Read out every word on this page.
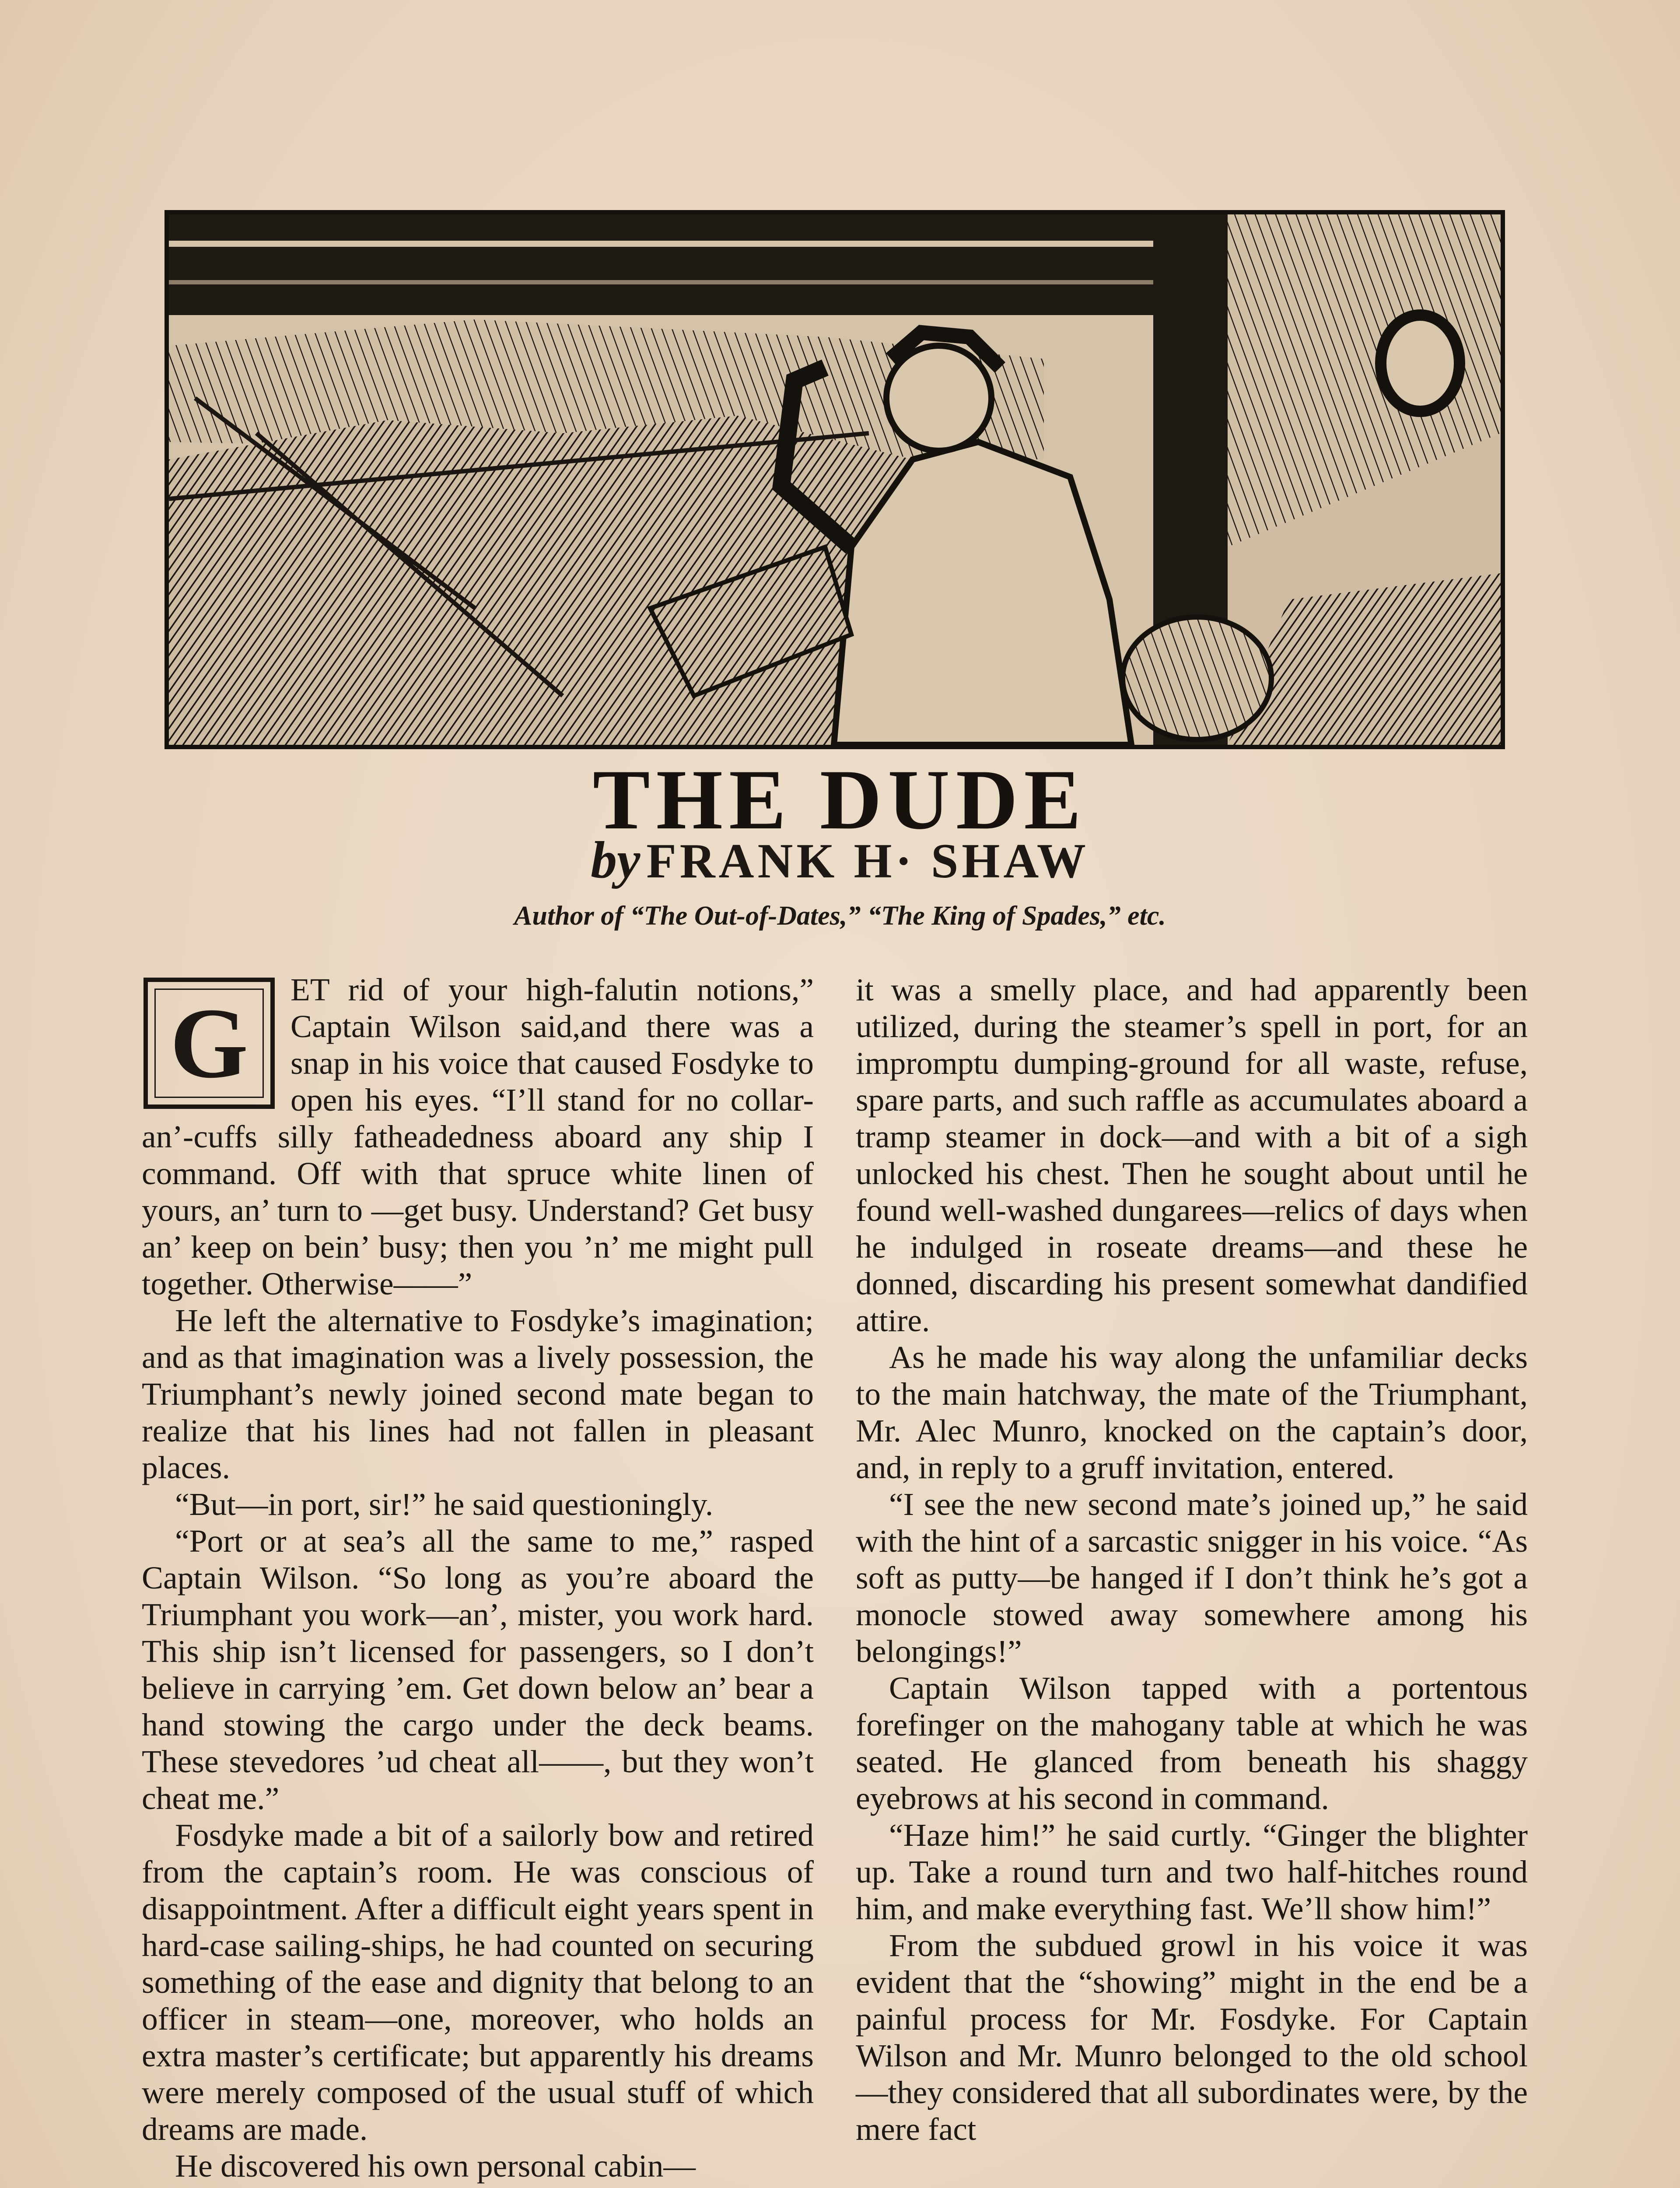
THE DUDE
by FRANK H· SHAW
Author of “The Out-of-Dates,” “The King of Spades,” etc.
G	ET rid of your high-falutin notions,” Captain Wilson said,and there was a snap in his voice that caused Fosdyke to open his eyes. “I’ll stand for no collar-an’-cuffs silly fatheadedness aboard any ship I command. Off with that spruce white linen of yours, an’ turn to —get busy. Understand? Get busy an’ keep on bein’ busy; then you ’n’ me might pull together. Otherwise——”

He left the alternative to Fosdyke’s imagination; and as that imagination was a lively possession, the Triumphant’s newly joined second mate began to realize that his lines had not fallen in pleasant places.

“But—in port, sir!” he said questioningly.

“Port or at sea’s all the same to me,” rasped Captain Wilson. “So long as you’re aboard the Triumphant you work—an’, mister, you work hard. This ship isn’t licensed for passengers, so I don’t believe in carrying ’em. Get down below an’ bear a hand stowing the cargo under the deck beams. These stevedores ’ud cheat all——, but they won’t cheat me.”

Fosdyke made a bit of a sailorly bow and retired from the captain’s room. He was conscious of disappointment. After a difficult eight years spent in hard-case sailing-ships, he had counted on securing something of the ease and dignity that belong to an officer in steam—one, moreover, who holds an extra master’s certificate; but apparently his dreams were merely composed of the usual stuff of which dreams are made.

He discovered his own personal cabin—

it was a smelly place, and had apparently been utilized, during the steamer’s spell in port, for an impromptu dumping-ground for all waste, refuse, spare parts, and such raffle as accumulates aboard a tramp steamer in dock—and with a bit of a sigh unlocked his chest. Then he sought about until he found well-washed dungarees—relics of days when he indulged in roseate dreams—and these he donned, discarding his present somewhat dandified attire.

As he made his way along the unfamiliar decks to the main hatchway, the mate of the Triumphant, Mr. Alec Munro, knocked on the captain’s door, and, in reply to a gruff invitation, entered.

“I see the new second mate’s joined up,” he said with the hint of a sarcastic snigger in his voice. “As soft as putty—be hanged if I don’t think he’s got a monocle stowed away somewhere among his belongings!”

Captain Wilson tapped with a portentous forefinger on the mahogany table at which he was seated. He glanced from beneath his shaggy eyebrows at his second in command.

“Haze him!” he said curtly. “Ginger the blighter up. Take a round turn and two half-hitches round him, and make everything fast. We’ll show him!”

From the subdued growl in his voice it was evident that the “showing” might in the end be a painful process for Mr. Fosdyke. For Captain Wilson and Mr. Munro belonged to the old school—they considered that all subordinates were, by the mere fact
